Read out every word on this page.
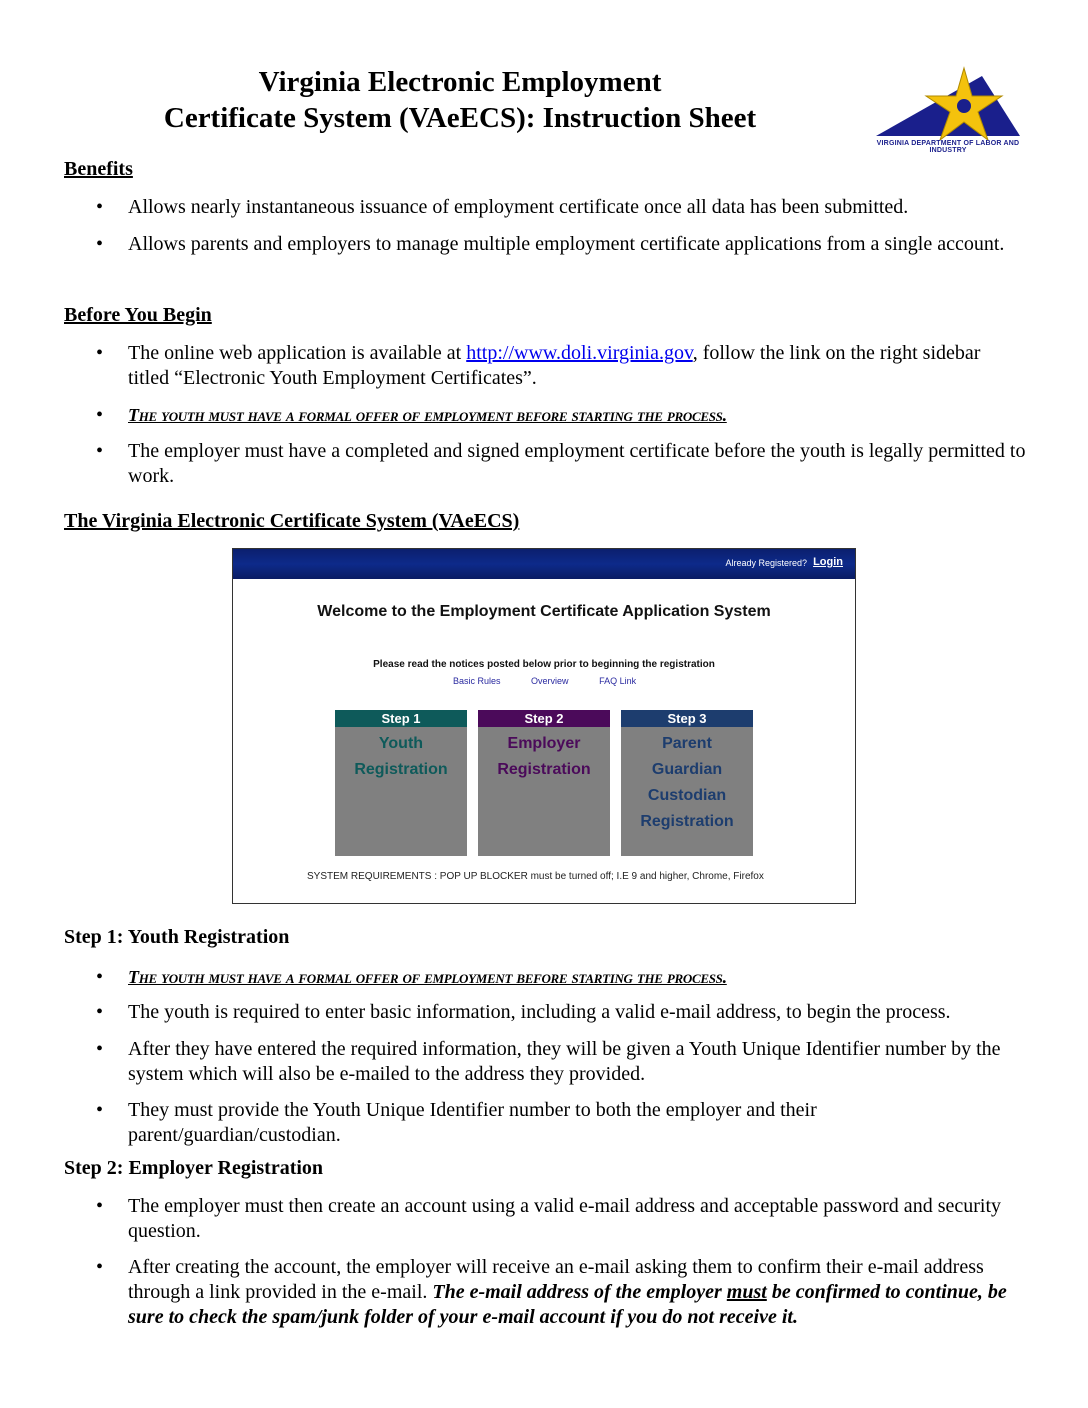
Virginia Electronic Employment
Certificate System (VAeECS): Instruction Sheet
VIRGINIA DEPARTMENT OF LABOR AND INDUSTRY
Benefits
• Allows nearly instantaneous issuance of employment certificate once all data has been submitted.
• Allows parents and employers to manage multiple employment certificate applications from a single account.
Before You Begin
• The online web application is available at http://www.doli.virginia.gov, follow the link on the right sidebar titled “Electronic Youth Employment Certificates”.
• The youth must have a formal offer of employment before starting the process.
• The employer must have a completed and signed employment certificate before the youth is legally permitted to work.
The Virginia Electronic Certificate System (VAeECS)
Already Registered? Login
Welcome to the Employment Certificate Application System
Please read the notices posted below prior to beginning the registration
Basic Rules	Overview	FAQ Link
Step 1
Youth
Registration
Step 2
Employer
Registration
Step 3
Parent
Guardian
Custodian
Registration
SYSTEM REQUIREMENTS : POP UP BLOCKER must be turned off; I.E 9 and higher, Chrome, Firefox
Step 1: Youth Registration
• The youth must have a formal offer of employment before starting the process.
• The youth is required to enter basic information, including a valid e-mail address, to begin the process.
• After they have entered the required information, they will be given a Youth Unique Identifier number by the system which will also be e-mailed to the address they provided.
• They must provide the Youth Unique Identifier number to both the employer and their parent/guardian/custodian.
Step 2: Employer Registration
• The employer must then create an account using a valid e-mail address and acceptable password and security question.
• After creating the account, the employer will receive an e-mail asking them to confirm their e-mail address through a link provided in the e-mail. The e-mail address of the employer must be confirmed to continue, be sure to check the spam/junk folder of your e-mail account if you do not receive it.
